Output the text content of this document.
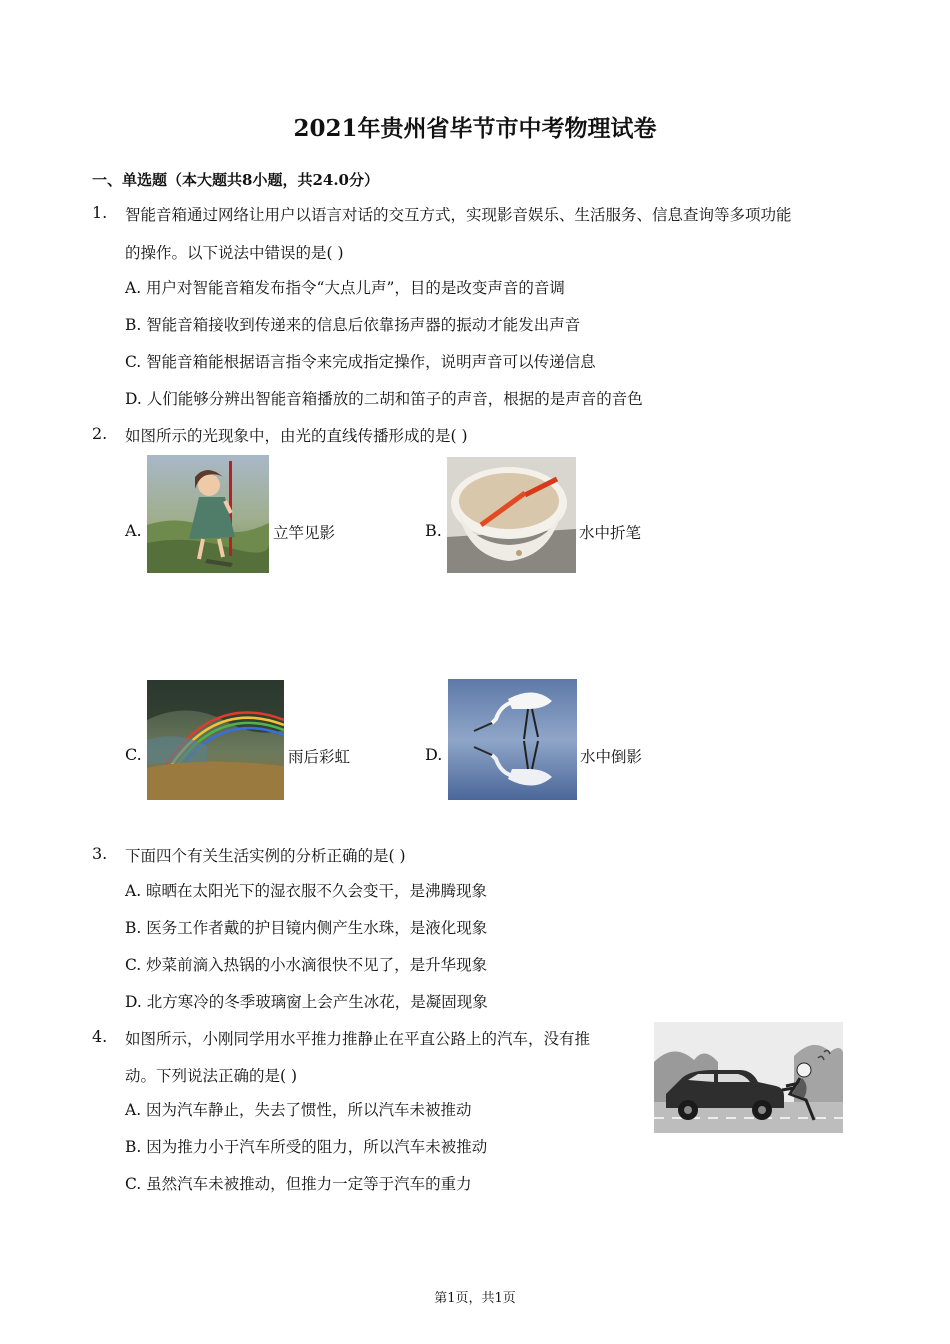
2021年贵州省毕节市中考物理试卷
一、单选题（本大题共8小题，共24.0分）
1. 智能音箱通过网络让用户以语言对话的交互方式，实现影音娱乐、生活服务、信息查询等多项功能
的操作。以下说法中错误的是( )
A. 用户对智能音箱发布指令“大点儿声”，目的是改变声音的音调
B. 智能音箱接收到传递来的信息后依靠扬声器的振动才能发出声音
C. 智能音箱能根据语言指令来完成指定操作，说明声音可以传递信息
D. 人们能够分辨出智能音箱播放的二胡和笛子的声音，根据的是声音的音色
2. 如图所示的光现象中，由光的直线传播形成的是( )
A.	立竿见影	B.	水中折笔
C.	雨后彩虹	D.	水中倒影
3. 下面四个有关生活实例的分析正确的是( )
A. 晾晒在太阳光下的湿衣服不久会变干，是沸腾现象
B. 医务工作者戴的护目镜内侧产生水珠，是液化现象
C. 炒菜前滴入热锅的小水滴很快不见了，是升华现象
D. 北方寒冷的冬季玻璃窗上会产生冰花，是凝固现象
4. 如图所示，小刚同学用水平推力推静止在平直公路上的汽车，没有推
动。下列说法正确的是( )
A. 因为汽车静止，失去了惯性，所以汽车未被推动
B. 因为推力小于汽车所受的阻力，所以汽车未被推动
C. 虽然汽车未被推动，但推力一定等于汽车的重力
第1页，共1页
